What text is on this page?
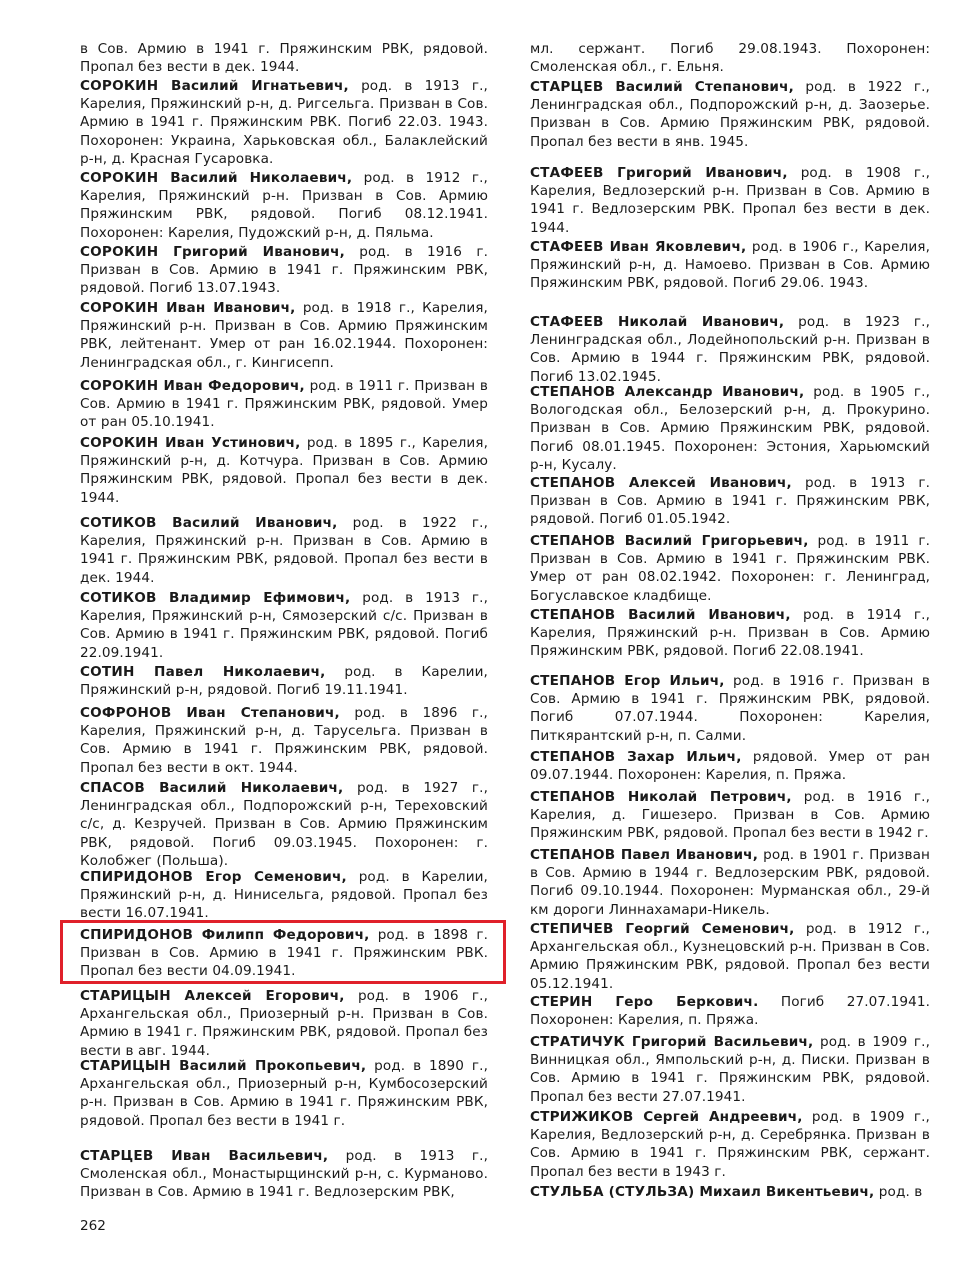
в Сов. Армию в 1941 г. Пряжинским РВК, рядовой. Пропал без вести в дек. 1944.
СОРОКИН Василий Игнатьевич, род. в 1913 г., Карелия, Пряжинский р-н, д. Ригсельга. Призван в Сов. Армию в 1941 г. Пряжинским РВК. Погиб 22.03. 1943. Похоронен: Украина, Харьковская обл., Балаклейский р-н, д. Красная Гусаровка.
СОРОКИН Василий Николаевич, род. в 1912 г., Карелия, Пряжинский р-н. Призван в Сов. Армию Пряжинским РВК, рядовой. Погиб 08.12.1941. Похоронен: Карелия, Пудожский р-н, д. Пяльма.
СОРОКИН Григорий Иванович, род. в 1916 г. Призван в Сов. Армию в 1941 г. Пряжинским РВК, рядовой. Погиб 13.07.1943.
СОРОКИН Иван Иванович, род. в 1918 г., Карелия, Пряжинский р-н. Призван в Сов. Армию Пряжинским РВК, лейтенант. Умер от ран 16.02.1944. Похоронен: Ленинградская обл., г. Кингисепп.
СОРОКИН Иван Федорович, род. в 1911 г. Призван в Сов. Армию в 1941 г. Пряжинским РВК, рядовой. Умер от ран 05.10.1941.
СОРОКИН Иван Устинович, род. в 1895 г., Карелия, Пряжинский р-н, д. Котчура. Призван в Сов. Армию Пряжинским РВК, рядовой. Пропал без вести в дек. 1944.
СОТИКОВ Василий Иванович, род. в 1922 г., Карелия, Пряжинский р-н. Призван в Сов. Армию в 1941 г. Пряжинским РВК, рядовой. Пропал без вести в дек. 1944.
СОТИКОВ Владимир Ефимович, род. в 1913 г., Карелия, Пряжинский р-н, Сямозерский с/с. Призван в Сов. Армию в 1941 г. Пряжинским РВК, рядовой. Погиб 22.09.1941.
СОТИН Павел Николаевич, род. в Карелии, Пряжинский р-н, рядовой. Погиб 19.11.1941.
СОФРОНОВ Иван Степанович, род. в 1896 г., Карелия, Пряжинский р-н, д. Тарусельга. Призван в Сов. Армию в 1941 г. Пряжинским РВК, рядовой. Пропал без вести в окт. 1944.
СПАСОВ Василий Николаевич, род. в 1927 г., Ленинградская обл., Подпорожский р-н, Тереховский с/с, д. Кезручей. Призван в Сов. Армию Пряжинским РВК, рядовой. Погиб 09.03.1945. Похоронен: г. Колобжег (Польша).
СПИРИДОНОВ Егор Семенович, род. в Карелии, Пряжинский р-н, д. Нинисельга, рядовой. Пропал без вести 16.07.1941.
СПИРИДОНОВ Филипп Федорович, род. в 1898 г. Призван в Сов. Армию в 1941 г. Пряжинским РВК. Пропал без вести 04.09.1941.
СТАРИЦЫН Алексей Егорович, род. в 1906 г., Архангельская обл., Приозерный р-н. Призван в Сов. Армию в 1941 г. Пряжинским РВК, рядовой. Пропал без вести в авг. 1944.
СТАРИЦЫН Василий Прокопьевич, род. в 1890 г., Архангельская обл., Приозерный р-н, Кумбосозерский р-н. Призван в Сов. Армию в 1941 г. Пряжинским РВК, рядовой. Пропал без вести в 1941 г.
СТАРЦЕВ Иван Васильевич, род. в 1913 г., Смоленская обл., Монастырщинский р-н, с. Курманово. Призван в Сов. Армию в 1941 г. Ведлозерским РВК,
мл. сержант. Погиб 29.08.1943. Похоронен: Смоленская обл., г. Ельня.
СТАРЦЕВ Василий Степанович, род. в 1922 г., Ленинградская обл., Подпорожский р-н, д. Заозерье. Призван в Сов. Армию Пряжинским РВК, рядовой. Пропал без вести в янв. 1945.
СТАФЕЕВ Григорий Иванович, род. в 1908 г., Карелия, Ведлозерский р-н. Призван в Сов. Армию в 1941 г. Ведлозерским РВК. Пропал без вести в дек. 1944.
СТАФЕЕВ Иван Яковлевич, род. в 1906 г., Карелия, Пряжинский р-н, д. Намоево. Призван в Сов. Армию Пряжинским РВК, рядовой. Погиб 29.06. 1943.
СТАФЕЕВ Николай Иванович, род. в 1923 г., Ленинградская обл., Лодейнопольский р-н. Призван в Сов. Армию в 1944 г. Пряжинским РВК, рядовой. Погиб 13.02.1945.
СТЕПАНОВ Александр Иванович, род. в 1905 г., Вологодская обл., Белозерский р-н, д. Прокурино. Призван в Сов. Армию Пряжинским РВК, рядовой. Погиб 08.01.1945. Похоронен: Эстония, Харьюмский р-н, Кусалу.
СТЕПАНОВ Алексей Иванович, род. в 1913 г. Призван в Сов. Армию в 1941 г. Пряжинским РВК, рядовой. Погиб 01.05.1942.
СТЕПАНОВ Василий Григорьевич, род. в 1911 г. Призван в Сов. Армию в 1941 г. Пряжинским РВК. Умер от ран 08.02.1942. Похоронен: г. Ленинград, Богуславское кладбище.
СТЕПАНОВ Василий Иванович, род. в 1914 г., Карелия, Пряжинский р-н. Призван в Сов. Армию Пряжинским РВК, рядовой. Погиб 22.08.1941.
СТЕПАНОВ Егор Ильич, род. в 1916 г. Призван в Сов. Армию в 1941 г. Пряжинским РВК, рядовой. Погиб 07.07.1944. Похоронен: Карелия, Питкярантский р-н, п. Салми.
СТЕПАНОВ Захар Ильич, рядовой. Умер от ран 09.07.1944. Похоронен: Карелия, п. Пряжа.
СТЕПАНОВ Николай Петрович, род. в 1916 г., Карелия, д. Гишезеро. Призван в Сов. Армию Пряжинским РВК, рядовой. Пропал без вести в 1942 г.
СТЕПАНОВ Павел Иванович, род. в 1901 г. Призван в Сов. Армию в 1944 г. Ведлозерским РВК, рядовой. Погиб 09.10.1944. Похоронен: Мурманская обл., 29-й км дороги Линнахамари-Никель.
СТЕПИЧЕВ Георгий Семенович, род. в 1912 г., Архангельская обл., Кузнецовский р-н. Призван в Сов. Армию Пряжинским РВК, рядовой. Пропал без вести 05.12.1941.
СТЕРИН Геро Беркович. Погиб 27.07.1941. Похоронен: Карелия, п. Пряжа.
СТРАТИЧУК Григорий Васильевич, род. в 1909 г., Винницкая обл., Ямпольский р-н, д. Писки. Призван в Сов. Армию в 1941 г. Пряжинским РВК, рядовой. Пропал без вести 27.07.1941.
СТРИЖИКОВ Сергей Андреевич, род. в 1909 г., Карелия, Ведлозерский р-н, д. Серебрянка. Призван в Сов. Армию в 1941 г. Пряжинским РВК, сержант. Пропал без вести в 1943 г.
СТУЛЬБА (СТУЛЬЗА) Михаил Викентьевич, род. в
262
